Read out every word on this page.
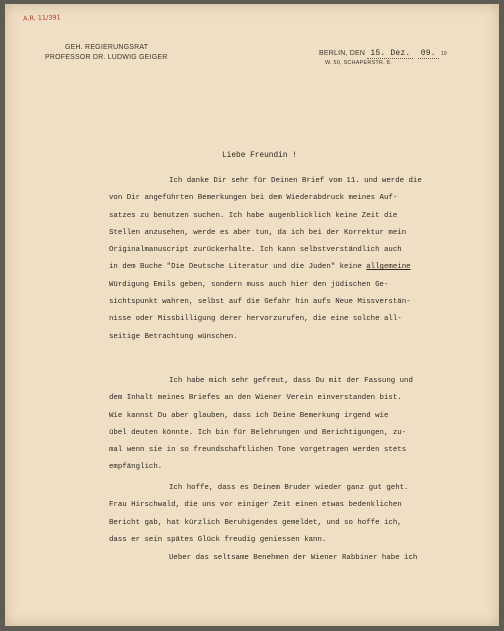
A.R. 11/391
GEH. REGIERUNGSRAT
PROFESSOR DR. LUDWIG GEIGER
BERLIN, DEN 15. Dez. 09. 19
W. 50, SCHAPERSTR. 8.
Liebe Freundin !
Ich danke Dir sehr für Deinen Brief vom 11. und werde die
von Dir angeführten Bemerkungen bei dem Wiederabdruck meines Auf-
satzes zu benutzen suchen. Ich habe augenblicklich keine Zeit die
Stellen anzusehen, werde es aber tun, da ich bei der Korrektur mein
Originalmanuscript zurückerhalte. Ich kann selbstverständlich auch
in dem Buche "Die Deutsche Literatur und die Juden" keine allgemeine
Würdigung Emils geben, sondern muss auch hier den jüdischen Ge-
sichtspunkt wahren, selbst auf die Gefahr hin aufs Neue Missverstän-
nisse oder Missbilligung derer hervorzurufen, die eine solche all-
seitige Betrachtung wünschen.
Ich habe mich sehr gefreut, dass Du mit der Fassung und
dem Inhalt meines Briefes an den Wiener Verein einverstanden bist.
Wie kannst Du aber glauben, dass ich Deine Bemerkung irgend wie
übel deuten könnte. Ich bin für Belehrungen und Berichtigungen, zu-
mal wenn sie in so freundschaftlichen Tone vorgetragen werden stets
empfänglich.
Ich hoffe, dass es Deinem Bruder wieder ganz gut geht.
Frau Hirschwald, die uns vor einiger Zeit einen etwas bedenklichen
Bericht gab, hat kürzlich Beruhigendes gemeldet, und so hoffe ich,
dass er sein spätes Glück freudig geniessen kann.
Ueber das seltsame Benehmen der Wiener Rabbiner habe ich
